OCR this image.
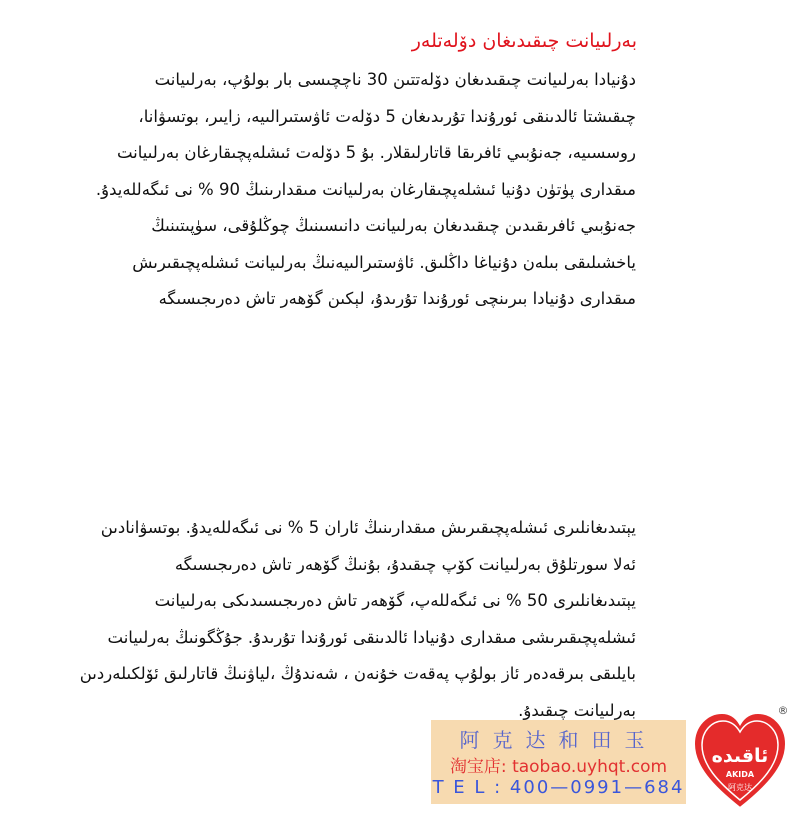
بەرلىيانت چىقىدىغان دۆلەتلەر
دۇنيادا بەرلىيانت چىقىدىغان دۆلەتتىن 30 ناچچىسى بار بولۇپ، بەرلىيانت
چىقىشتا ئالدىنقى ئورۇندا تۇرىدىغان 5 دۆلەت ئاۋستىرالىيە، زايىر، بوتسۋانا،
روسسىيە، جەنۇبىي ئافرىقا قاتارلىقلار. بۇ 5 دۆلەت ئىشلەپچىقارغان بەرلىيانت
مىقدارى پۈتۈن دۇنيا ئىشلەپچىقارغان بەرلىيانت مىقدارىنىڭ 90 % نى ئىگەللەيدۇ.
جەنۇبىي ئافرىقىدىن چىقىدىغان بەرلىيانت دانىسىنىڭ چوڭلۇقى، سۈپىتىنىڭ
ياخشىلىقى بىلەن دۇنياغا داڭلىق. ئاۋستىرالىيەنىڭ بەرلىيانت ئىشلەپچىقىرىش
مىقدارى دۇنيادا بىرىنچى ئورۇندا تۇرىدۇ، لېكىن گۆھەر تاش دەرىجىسىگە
يېتىدىغانلىرى ئىشلەپچىقىرىش مىقدارىنىڭ ئاران 5 % نى ئىگەللەيدۇ. بوتسۋانادىن
ئەلا سورتلۇق بەرلىيانت كۆپ چىقىدۇ، بۇنىڭ گۆھەر تاش دەرىجىسىگە
يېتىدىغانلىرى 50 % نى ئىگەللەپ، گۆھەر تاش دەرىجىسىدىكى بەرلىيانت
ئىشلەپچىقىرىشى مىقدارى دۇنيادا ئالدىنقى ئورۇندا تۇرىدۇ. جۇڭگونىڭ بەرلىيانت
بايلىقى بىرقەدەر ئاز بولۇپ پەقەت خۇنەن ، شەندۇڭ ،لياۋنىڭ قاتارلىق ئۆلكىلەردىن
بەرلىيانت چىقىدۇ.
阿克达和田玉
淘宝店: taobao.uyhqt.com
T E L : 400—0991—684
ئاقىدە
AKIDA
阿克达
®
